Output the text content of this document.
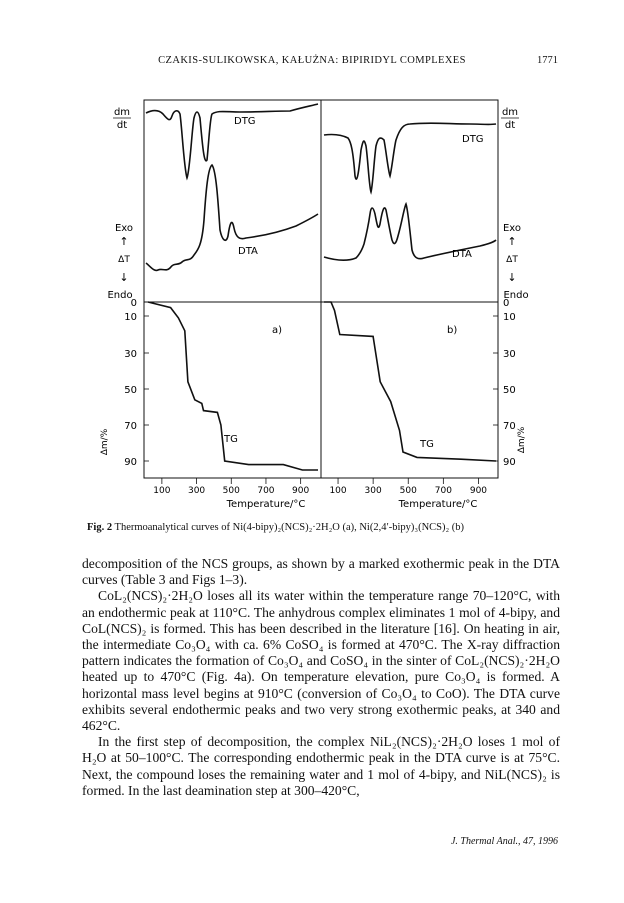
CZAKIS-SULIKOWSKA, KAŁUŻNA: BIPIRIDYL COMPLEXES	1771
dm
dt
Exo
↑
ΔT
↓
Endo
Δm/%
dm
dt
Exo
↑
ΔT
↓
Endo
Δm/%
0
10
30
50
70
90
0
10
30
50
70
90
100 300 500 700 900 100 300 500 700 900
DTG
DTA
TG
a)
DTG
DTA
TG
b)
Temperature/°C	Temperature/°C
Fig. 2 Thermoanalytical curves of Ni(4-bipy)₂(NCS)₂·2H₂O (a), Ni(2,4′-bipy)₃(NCS)₂ (b)

decomposition of the NCS groups, as shown by a marked exothermic peak in the DTA curves (Table 3 and Figs 1–3).

CoL₂(NCS)₂·2H₂O loses all its water within the temperature range 70–120°C, with an endothermic peak at 110°C. The anhydrous complex eliminates 1 mol of 4-bipy, and CoL(NCS)₂ is formed. This has been described in the literature [16]. On heating in air, the intermediate Co₃O₄ with ca. 6% CoSO₄ is formed at 470°C. The X-ray diffraction pattern indicates the formation of Co₃O₄ and CoSO₄ in the sinter of CoL₂(NCS)₂·2H₂O heated up to 470°C (Fig. 4a). On temperature elevation, pure Co₃O₄ is formed. A horizontal mass level begins at 910°C (conversion of Co₃O₄ to CoO). The DTA curve exhibits several endothermic peaks and two very strong exothermic peaks, at 340 and 462°C.

In the first step of decomposition, the complex NiL₂(NCS)₂·2H₂O loses 1 mol of H₂O at 50–100°C. The corresponding endothermic peak in the DTA curve is at 75°C. Next, the compound loses the remaining water and 1 mol of 4-bipy, and NiL(NCS)₂ is formed. In the last deamination step at 300–420°C,

J. Thermal Anal., 47, 1996
